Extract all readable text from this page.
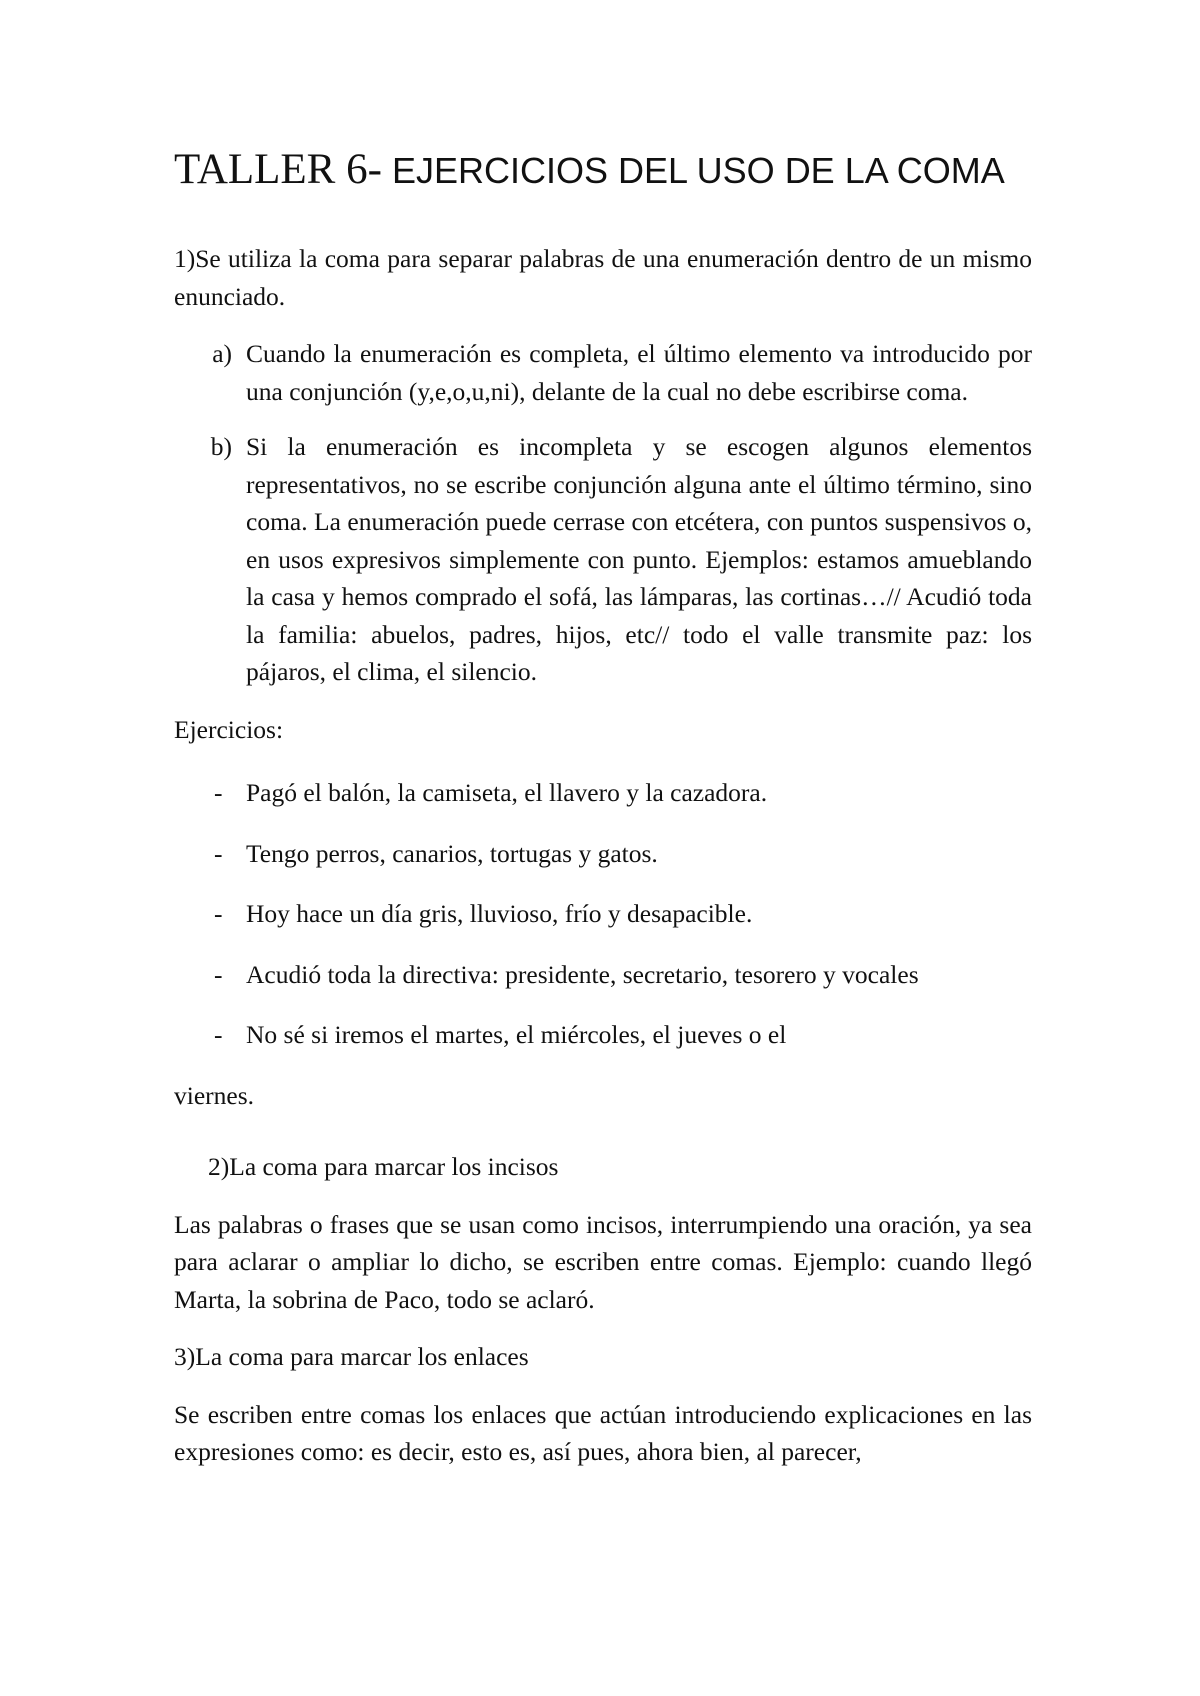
TALLER 6- EJERCICIOS DEL USO DE LA COMA

1)Se utiliza la coma para separar palabras de una enumeración dentro de un mismo enunciado.

a) Cuando la enumeración es completa, el último elemento va introducido por una conjunción (y,e,o,u,ni), delante de la cual no debe escribirse coma.
b) Si la enumeración es incompleta y se escogen algunos elementos representativos, no se escribe conjunción alguna ante el último término, sino coma. La enumeración puede cerrase con etcétera, con puntos suspensivos o, en usos expresivos simplemente con punto. Ejemplos: estamos amueblando la casa y hemos comprado el sofá, las lámparas, las cortinas…// Acudió toda la familia: abuelos, padres, hijos, etc// todo el valle transmite paz: los pájaros, el clima, el silencio.

Ejercicios:

- Pagó el balón, la camiseta, el llavero y la cazadora.
- Tengo perros, canarios, tortugas y gatos.
- Hoy hace un día gris, lluvioso, frío y desapacible.
- Acudió toda la directiva: presidente, secretario, tesorero y vocales
- No sé si iremos el martes, el miércoles, el jueves o el

viernes.

2)La coma para marcar los incisos

Las palabras o frases que se usan como incisos, interrumpiendo una oración, ya sea para aclarar o ampliar lo dicho, se escriben entre comas. Ejemplo: cuando llegó Marta, la sobrina de Paco, todo se aclaró.

3)La coma para marcar los enlaces

Se escriben entre comas los enlaces que actúan introduciendo explicaciones en las expresiones como: es decir, esto es, así pues, ahora bien, al parecer,
